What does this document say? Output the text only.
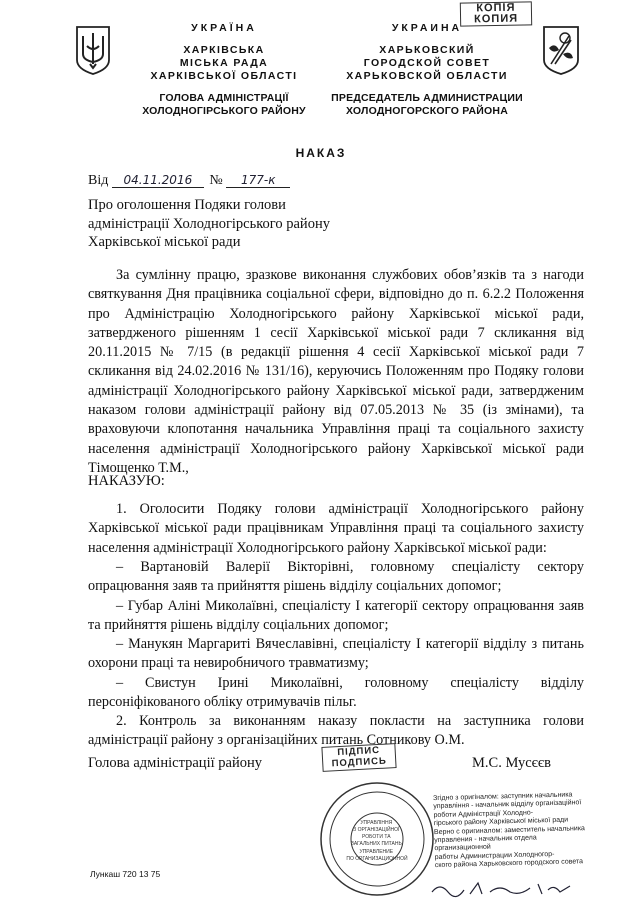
УКРАЇНА
ХАРКІВСЬКА
МІСЬКА РАДА
ХАРКІВСЬКОЇ ОБЛАСТІ
ГОЛОВА АДМІНІСТРАЦІЇ
ХОЛОДНОГІРСЬКОГО РАЙОНУ
УКРАИНА
ХАРЬКОВСКИЙ
ГОРОДСКОЙ СОВЕТ
ХАРЬКОВСКОЙ ОБЛАСТИ
ПРЕДСЕДАТЕЛЬ АДМИНИСТРАЦИИ
ХОЛОДНОГОРСКОГО РАЙОНА
КОПІЯ
КОПИЯ
НАКАЗ
Від 04.11.2016 № 177-к
Про оголошення Подяки голови
адміністрації Холодногірського району
Харківської міської ради

За сумлінну працю, зразкове виконання службових обов’язків та з нагоди святкування Дня працівника соціальної сфери, відповідно до п. 6.2.2 Положення про Адміністрацію Холодногірського району Харківської міської ради, затвердженого рішенням 1 сесії Харківської міської ради 7 скликання від 20.11.2015 № 7/15 (в редакції рішення 4 сесії Харківської міської ради 7 скликання від 24.02.2016 № 131/16), керуючись Положенням про Подяку голови адміністрації Холодногірського району Харківської міської ради, затвердженим наказом голови адміністрації району від 07.05.2013 № 35 (із змінами), та враховуючи клопотання начальника Управління праці та соціального захисту населення адміністрації Холодногірського району Харківської міської ради Тімощенко Т.М.,

НАКАЗУЮ:

1. Оголосити Подяку голови адміністрації Холодногірського району Харківської міської ради працівникам Управління праці та соціального захисту населення адміністрації Холодногірського району Харківської міської ради:

– Вартановій Валерії Вікторівні, головному спеціалісту сектору опрацювання заяв та прийняття рішень відділу соціальних допомог;

– Губар Аліні Миколаївні, спеціалісту І категорії сектору опрацювання заяв та прийняття рішень відділу соціальних допомог;

– Манукян Маргариті Вячеславівні, спеціалісту І категорії відділу з питань охорони праці та невиробничого травматизму;

– Свистун Ірині Миколаївні, головному спеціалісту відділу персоніфікованого обліку отримувачів пільг.

2. Контроль за виконанням наказу покласти на заступника голови адміністрації району з організаційних питань Сотникову О.М.

Голова адміністрації району	М.С. Мусєєв
ПІДПИС
ПОДПИСЬ
УПРАВЛІННЯ З ОРГАНІЗАЦІЙНОЇ РОБОТИ ТА ЗАГАЛЬНИХ ПИТАНЬ УПРАВЛЕНИЕ ПО ОРГАНИЗАЦИОННОЙ
Згідно з оригіналом: заступник начальника
управління - начальник відділу організаційної
роботи Адміністрації Холодно-
гірського району Харківської міської ради
Верно с оригиналом: заместитель начальника
управления - начальник отдела организационной
работы Администрации Холодногор-
ского района Харьковского городского совета
Лункаш 720 13 75
